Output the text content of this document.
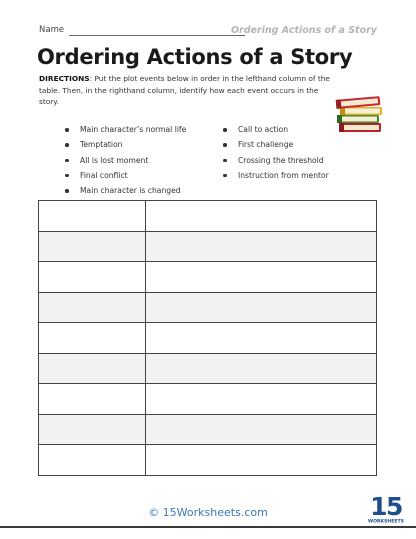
Name	Ordering Actions of a Story
Ordering Actions of a Story
DIRECTIONS: Put the plot events below in order in the lefthand column of the table. Then, in the righthand column, identify how each event occurs in the story.
Main character’s normal life
Temptation
All is lost moment
Final conflict
Main character is changed
Call to action
First challenge
Crossing the threshold
Instruction from mentor

© 15Worksheets.com	15
WORKSHEETS
